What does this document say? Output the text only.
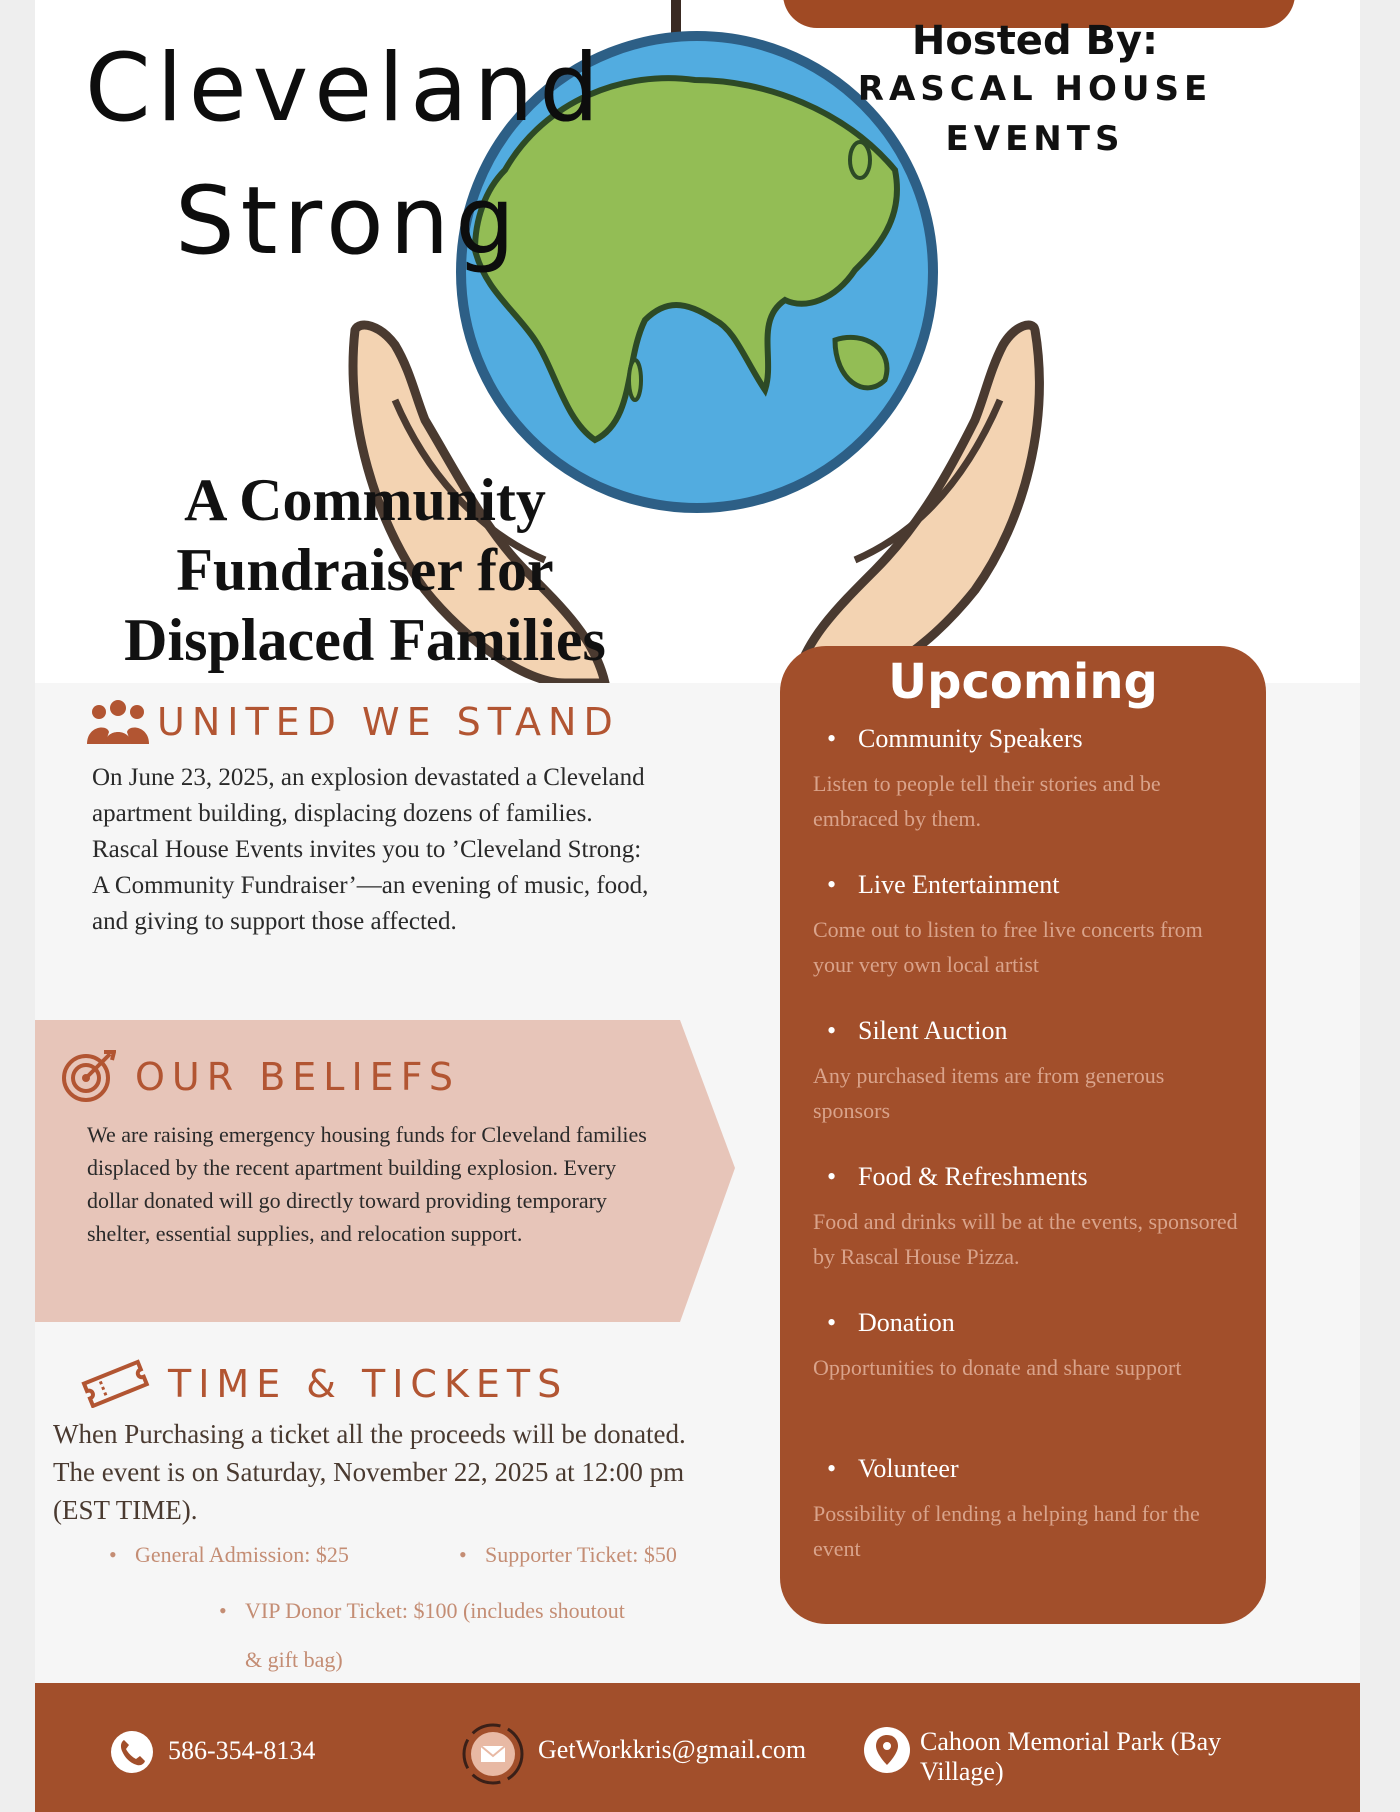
Cleveland
Strong
Hosted By:
RASCAL HOUSE EVENTS
A Community Fundraiser for Displaced Families
UNITED WE STAND

On June 23, 2025, an explosion devastated a Cleveland apartment building, displacing dozens of families. Rascal House Events invites you to ’Cleveland Strong: A Community Fundraiser’—an evening of music, food, and giving to support those affected.

OUR BELIEFS

We are raising emergency housing funds for Cleveland families displaced by the recent apartment building explosion. Every dollar donated will go directly toward providing temporary shelter, essential supplies, and relocation support.

TIME & TICKETS

When Purchasing a ticket all the proceeds will be donated. The event is on Saturday, November 22, 2025 at 12:00 pm (EST TIME).

• General Admission: $25
•	Supporter Ticket: $50
• VIP Donor Ticket: $100 (includes shoutout & gift bag)
Upcoming
• Community Speakers
Listen to people tell their stories and be embraced by them.
• Live Entertainment
Come out to listen to free live concerts from your very own local artist
• Silent Auction
Any purchased items are from generous sponsors
• Food & Refreshments
Food and drinks will be at the events, sponsored by Rascal House Pizza.
• Donation
Opportunities to donate and share support
• Volunteer
Possibility of lending a helping hand for the event
586-354-8134	GetWorkkris@gmail.com	Cahoon Memorial Park (Bay Village)
